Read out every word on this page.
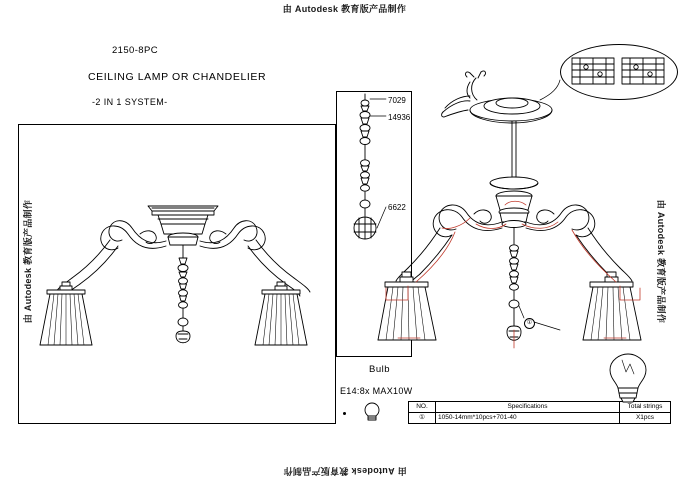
由 Autodesk 教育版产品制作
由 Autodesk 教育版产品制作
由 Autodesk 教育版产品制作	由 Autodesk 教育版产品制作
2150-8PC
CEILING LAMP OR CHANDELIER
-2 IN 1 SYSTEM-	7029
14936
6622
Bulb
E14:8x MAX10W
①
NO.	Specifications	Total strings
①	1050-14mm*10pcs+701-40	X1pcs
